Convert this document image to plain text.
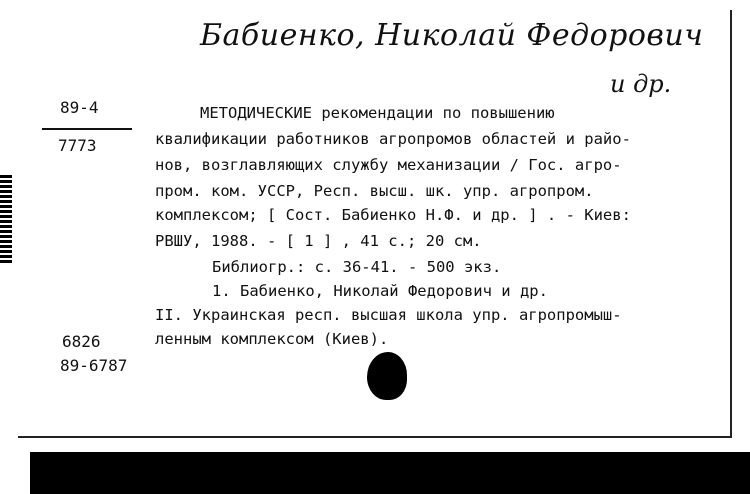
Бабиенко, Николай Федорович
и др.
89-4
7773
МЕТОДИЧЕСКИЕ рекомендации по повышению
квалификации работников агропромов областей и райо-
нов, возглавляющих службу механизации / Гос. агро-
пром. ком. УССР, Респ. высш. шк. упр. агропром.
комплексом; [ Сост. Бабиенко Н.Ф. и др. ] . - Киев:
РВШУ, 1988. - [ 1 ] , 41 с.; 20 см.
Библиогр.: с. 36-41. - 500 экз.
1. Бабиенко, Николай Федорович и др.
II. Украинская респ. высшая школа упр. агропромыш-
ленным комплексом (Киев).
6826
89-6787
